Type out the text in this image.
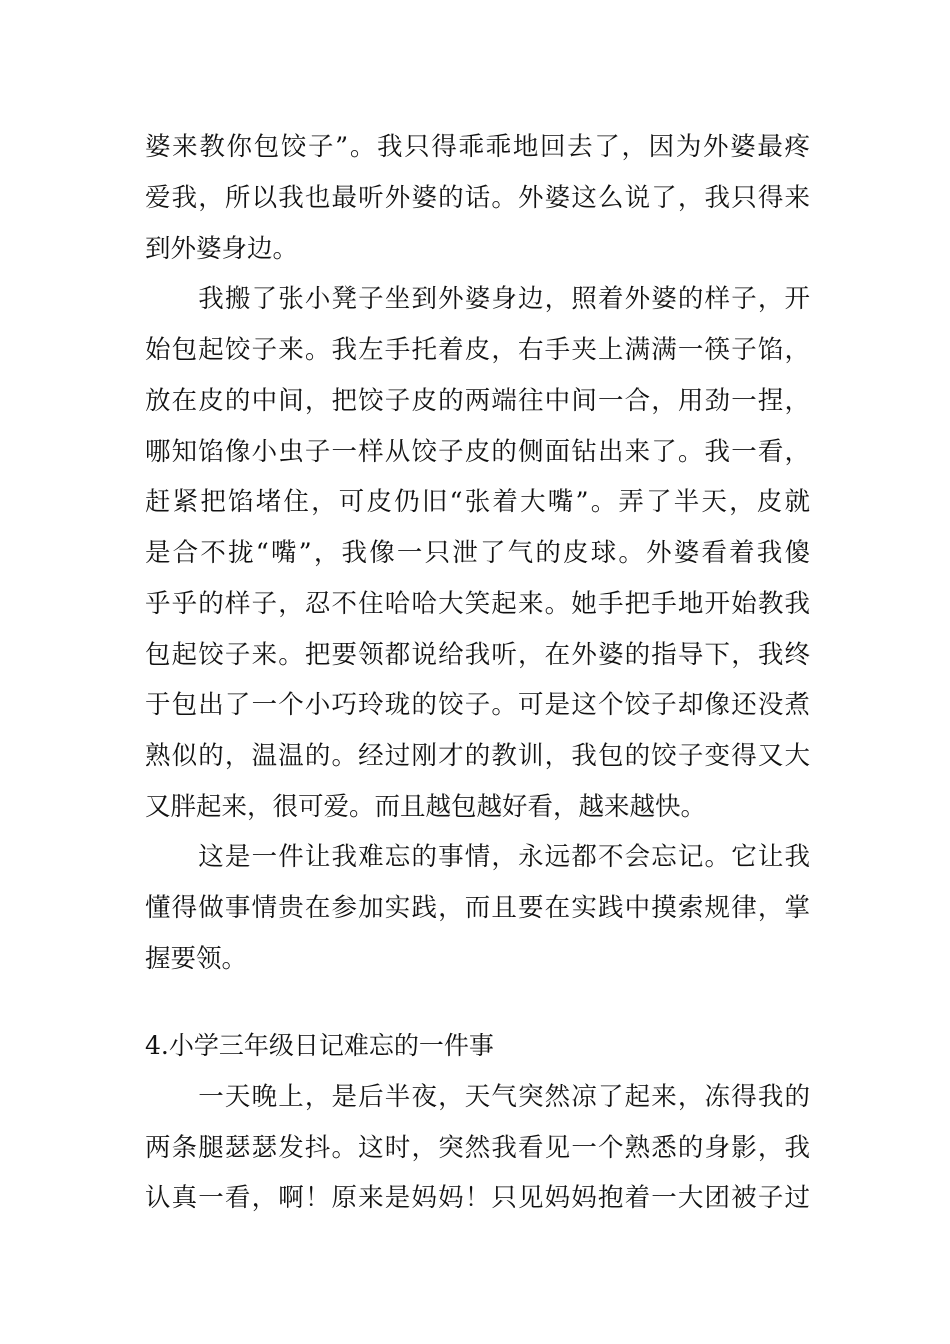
婆来教你包饺子”。我只得乖乖地回去了，因为外婆最疼
爱我，所以我也最听外婆的话。外婆这么说了，我只得来
到外婆身边。
　　我搬了张小凳子坐到外婆身边，照着外婆的样子，开
始包起饺子来。我左手托着皮，右手夹上满满一筷子馅，
放在皮的中间，把饺子皮的两端往中间一合，用劲一捏，
哪知馅像小虫子一样从饺子皮的侧面钻出来了。我一看，
赶紧把馅堵住，可皮仍旧“张着大嘴”。弄了半天，皮就
是合不拢“嘴”，我像一只泄了气的皮球。外婆看着我傻
乎乎的样子，忍不住哈哈大笑起来。她手把手地开始教我
包起饺子来。把要领都说给我听，在外婆的指导下，我终
于包出了一个小巧玲珑的饺子。可是这个饺子却像还没煮
熟似的，温温的。经过刚才的教训，我包的饺子变得又大
又胖起来，很可爱。而且越包越好看，越来越快。
　　这是一件让我难忘的事情，永远都不会忘记。它让我
懂得做事情贵在参加实践，而且要在实践中摸索规律，掌
握要领。
4.小学三年级日记难忘的一件事
　　一天晚上，是后半夜，天气突然凉了起来，冻得我的
两条腿瑟瑟发抖。这时，突然我看见一个熟悉的身影，我
认真一看，啊！原来是妈妈！只见妈妈抱着一大团被子过
